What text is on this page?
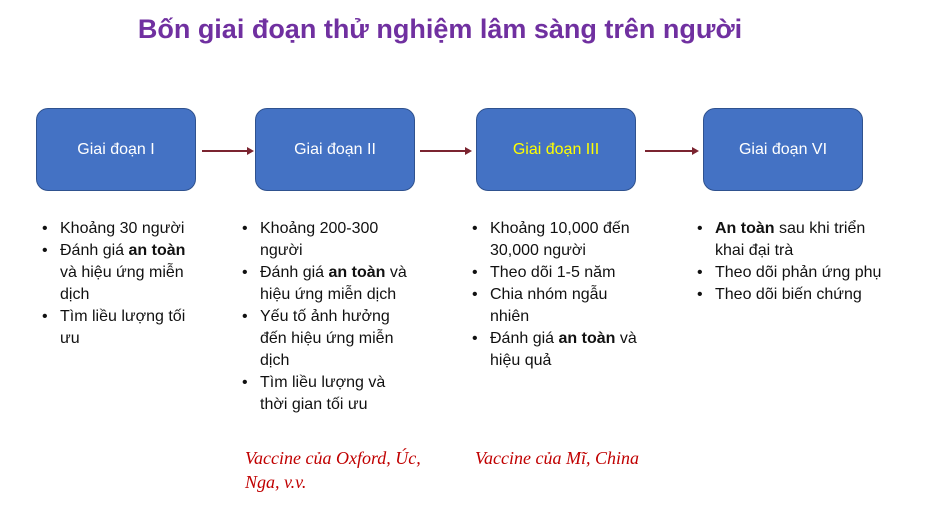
Bốn giai đoạn thử nghiệm lâm sàng trên người
Giai đoạn I	Giai đoạn II	Giai đoạn III	Giai đoạn VI
• Khoảng 30 người
• Đánh giá an toàn và hiệu ứng miễn dịch
• Tìm liều lượng tối ưu
• Khoảng 200-300 người
• Đánh giá an toàn và hiệu ứng miễn dịch
• Yếu tố ảnh hưởng đến hiệu ứng miễn dịch
• Tìm liều lượng và thời gian tối ưu
• Khoảng 10,000 đến 30,000 người
• Theo dõi 1-5 năm
• Chia nhóm ngẫu nhiên
• Đánh giá an toàn và hiệu quả
• An toàn sau khi triển khai đại trà
• Theo dõi phản ứng phụ
• Theo dõi biến chứng
Vaccine của Oxford, Úc, Nga, v.v.
Vaccine của Mĩ, China
